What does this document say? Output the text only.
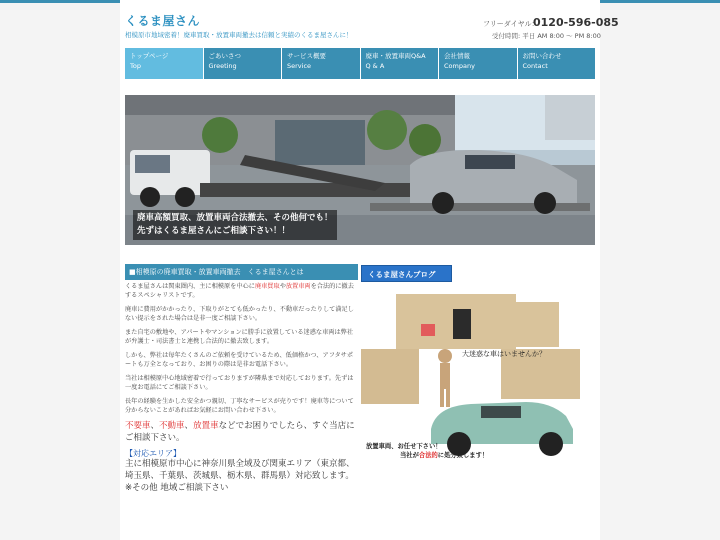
くるま屋さん
相模原市地域密着！廃車買取・放置車両撤去は信頼と実績のくるま屋さんに！
フリーダイヤル：
0120-596-085
受付時間: 平日 AM 8:00 〜 PM 8:00
トップページ
Top
ごあいさつ
Greeting
サービス概要
Service
廃車・放置車両Q&A
Q & A
会社情報
Company
お問い合わせ
Contact
廃車高額買取、放置車両合法撤去、その他何でも！
先ずはくるま屋さんにご相談下さい！！
■相模原の廃車買取・放置車両撤去　くるま屋さんとは

くるま屋さんは関東圏内、主に相模原を中心に廃車買取や放置車両を合法的に撤去するスペシャリストです。

廃車に費用がかかったり、下取りがとても低かったり、不動車だったりして満足しない提示をされた場合は是非一度ご相談下さい。

また自宅の敷地や、アパートやマンションに勝手に放置している迷惑な車両は弊社が弁護士・司法書士と連携し合法的に撤去致します。

しかも、弊社は毎年たくさんのご依頼を受けているため、低価格かつ、アフタサポートも万全となっており、お困りの際は是非お電話下さい。

当社は相模原中心地域密着で行っておりますが隣県まで対応しております。先ずは一度お電話にてご相談下さい。

長年の経験を生かした安全かつ親切、丁寧なサービスが売りです！廃車等について分からないことがあればお気軽にお問い合わせ下さい。

不要車、不動車、放置車などでお困りでしたら、すぐ当店にご相談下さい。

【対応エリア】
主に相模原市中心に神奈川県全域及び関東エリア（東京都、埼玉県、千葉県、茨城県、栃木県、群馬県）対応致します。
※その他 地域ご相談下さい
くるま屋さんブログ
大迷惑な車はいませんか？
放置車両、お任せ下さい！
当社が合法的に処分致します！
